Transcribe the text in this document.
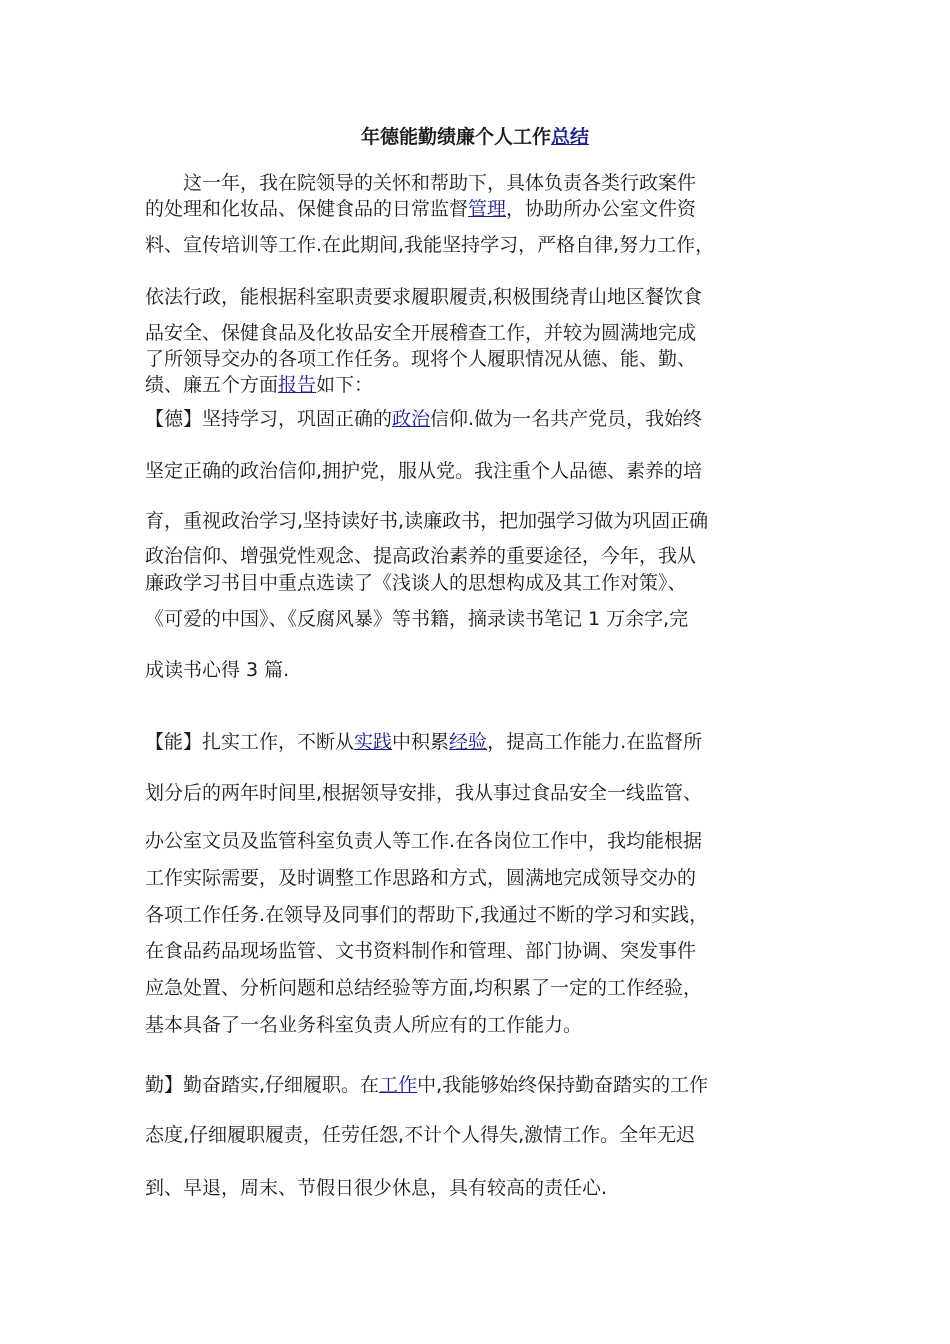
年德能勤绩廉个人工作总结
　　这一年，我在院领导的关怀和帮助下，具体负责各类行政案件
的处理和化妆品、保健食品的日常监督管理，协助所办公室文件资
料、宣传培训等工作.在此期间,我能坚持学习，严格自律,努力工作，
依法行政，能根据科室职责要求履职履责,积极围绕青山地区餐饮食
品安全、保健食品及化妆品安全开展稽查工作，并较为圆满地完成
了所领导交办的各项工作任务。现将个人履职情况从德、能、勤、
绩、廉五个方面报告如下：
【德】坚持学习，巩固正确的政治信仰.做为一名共产党员，我始终
坚定正确的政治信仰,拥护党，服从党。我注重个人品德、素养的培
育，重视政治学习,坚持读好书,读廉政书，把加强学习做为巩固正确
政治信仰、增强党性观念、提高政治素养的重要途径，今年，我从
廉政学习书目中重点选读了《浅谈人的思想构成及其工作对策》、
《可爱的中国》、《反腐风暴》等书籍，摘录读书笔记 1 万余字,完
成读书心得 3 篇.
【能】扎实工作，不断从实践中积累经验，提高工作能力.在监督所
划分后的两年时间里,根据领导安排，我从事过食品安全一线监管、
办公室文员及监管科室负责人等工作.在各岗位工作中，我均能根据
工作实际需要，及时调整工作思路和方式，圆满地完成领导交办的
各项工作任务.在领导及同事们的帮助下,我通过不断的学习和实践，
在食品药品现场监管、文书资料制作和管理、部门协调、突发事件
应急处置、分析问题和总结经验等方面,均积累了一定的工作经验，
基本具备了一名业务科室负责人所应有的工作能力。
勤】勤奋踏实,仔细履职。在工作中,我能够始终保持勤奋踏实的工作
态度,仔细履职履责，任劳任怨,不计个人得失,激情工作。全年无迟
到、早退，周末、节假日很少休息，具有较高的责任心.
